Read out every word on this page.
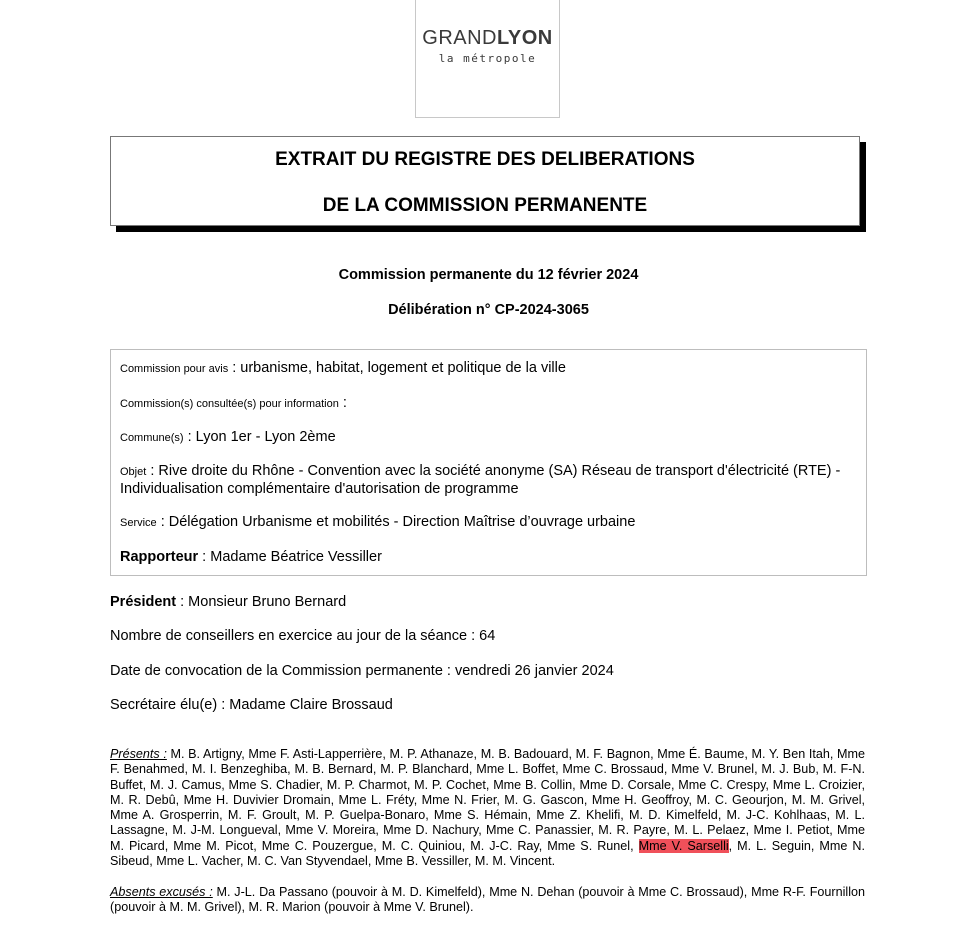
GRANDLYON
la métropole
EXTRAIT DU REGISTRE DES DELIBERATIONS
DE LA COMMISSION PERMANENTE
Commission permanente du 12 février 2024
Délibération n° CP-2024-3065
Commission pour avis : urbanisme, habitat, logement et politique de la ville
Commission(s) consultée(s) pour information :
Commune(s) : Lyon 1er - Lyon 2ème
Objet : Rive droite du Rhône - Convention avec la société anonyme (SA) Réseau de transport d'électricité (RTE) - Individualisation complémentaire d'autorisation de programme
Service : Délégation Urbanisme et mobilités - Direction Maîtrise d’ouvrage urbaine
Rapporteur : Madame Béatrice Vessiller
Président : Monsieur Bruno Bernard
Nombre de conseillers en exercice au jour de la séance : 64
Date de convocation de la Commission permanente : vendredi 26 janvier 2024
Secrétaire élu(e) : Madame Claire Brossaud
Présents : M. B. Artigny, Mme F. Asti-Lapperrière, M. P. Athanaze, M. B. Badouard, M. F. Bagnon, Mme É. Baume, M. Y. Ben Itah, Mme F. Benahmed, M. I. Benzeghiba, M. B. Bernard, M. P. Blanchard, Mme L. Boffet, Mme C. Brossaud, Mme V. Brunel, M. J. Bub, M. F-N. Buffet, M. J. Camus, Mme S. Chadier, M. P. Charmot, M. P. Cochet, Mme B. Collin, Mme D. Corsale, Mme C. Crespy, Mme L. Croizier, M. R. Debû, Mme H. Duvivier Dromain, Mme L. Fréty, Mme N. Frier, M. G. Gascon, Mme H. Geoffroy, M. C. Geourjon, M. M. Grivel, Mme A. Grosperrin, M. F. Groult, M. P. Guelpa-Bonaro, Mme S. Hémain, Mme Z. Khelifi, M. D. Kimelfeld, M. J-C. Kohlhaas, M. L. Lassagne, M. J-M. Longueval, Mme V. Moreira, Mme D. Nachury, Mme C. Panassier, M. R. Payre, M. L. Pelaez, Mme I. Petiot, Mme M. Picard, Mme M. Picot, Mme C. Pouzergue, M. C. Quiniou, M. J-C. Ray, Mme S. Runel, Mme V. Sarselli, M. L. Seguin, Mme N. Sibeud, Mme L. Vacher, M. C. Van Styvendael, Mme B. Vessiller, M. M. Vincent.
Absents excusés : M. J-L. Da Passano (pouvoir à M. D. Kimelfeld), Mme N. Dehan (pouvoir à Mme C. Brossaud), Mme R-F. Fournillon (pouvoir à M. M. Grivel), M. R. Marion (pouvoir à Mme V. Brunel).
